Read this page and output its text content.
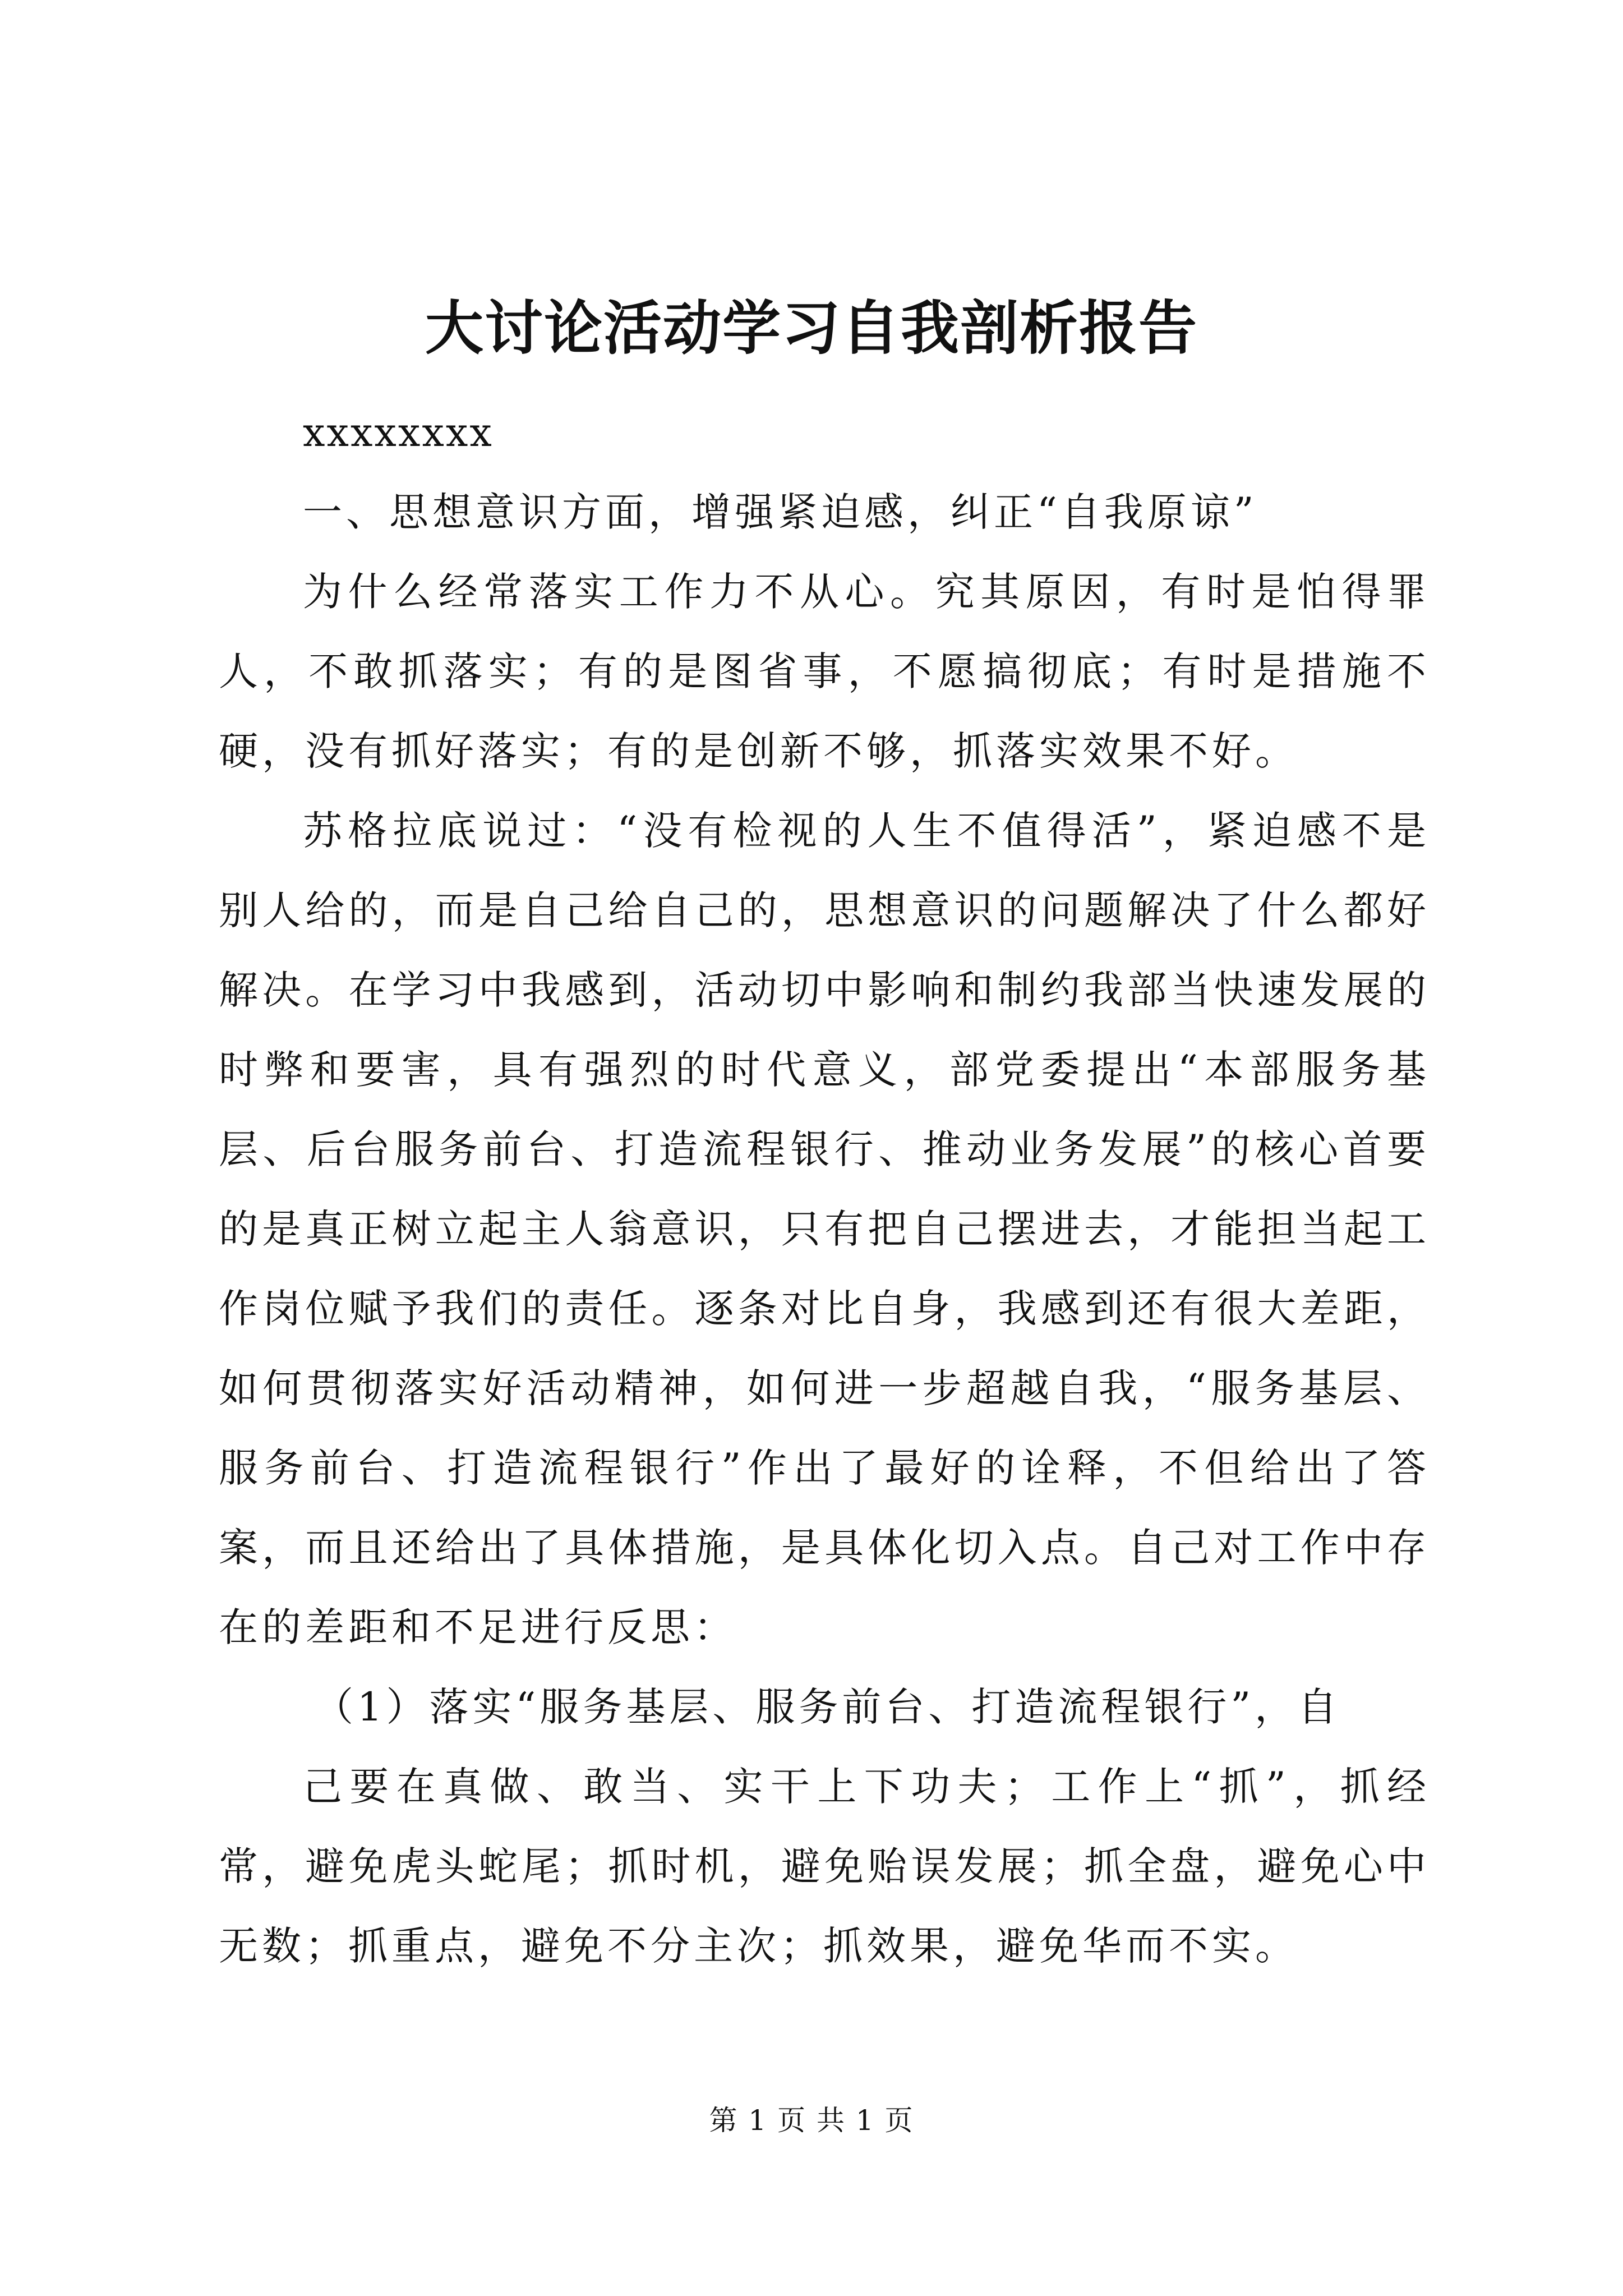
大讨论活动学习自我剖析报告

xxxxxxxx

一、思想意识方面，增强紧迫感，纠正“自我原谅”

为什么经常落实工作力不从心。究其原因，有时是怕得罪人，不敢抓落实；有的是图省事，不愿搞彻底；有时是措施不硬，没有抓好落实；有的是创新不够，抓落实效果不好。

苏格拉底说过：“没有检视的人生不值得活”，紧迫感不是别人给的，而是自己给自己的，思想意识的问题解决了什么都好解决。在学习中我感到，活动切中影响和制约我部当快速发展的时弊和要害，具有强烈的时代意义，部党委提出“本部服务基层、后台服务前台、打造流程银行、推动业务发展”的核心首要的是真正树立起主人翁意识，只有把自己摆进去，才能担当起工作岗位赋予我们的责任。逐条对比自身，我感到还有很大差距，如何贯彻落实好活动精神，如何进一步超越自我，“服务基层、服务前台、打造流程银行”作出了最好的诠释，不但给出了答案，而且还给出了具体措施，是具体化切入点。自己对工作中存在的差距和不足进行反思：

（1）落实“服务基层、服务前台、打造流程银行”，自

己要在真做、敢当、实干上下功夫；工作上“抓”，抓经常，避免虎头蛇尾；抓时机，避免贻误发展；抓全盘，避免心中无数；抓重点，避免不分主次；抓效果，避免华而不实。

第 1 页 共 1 页
